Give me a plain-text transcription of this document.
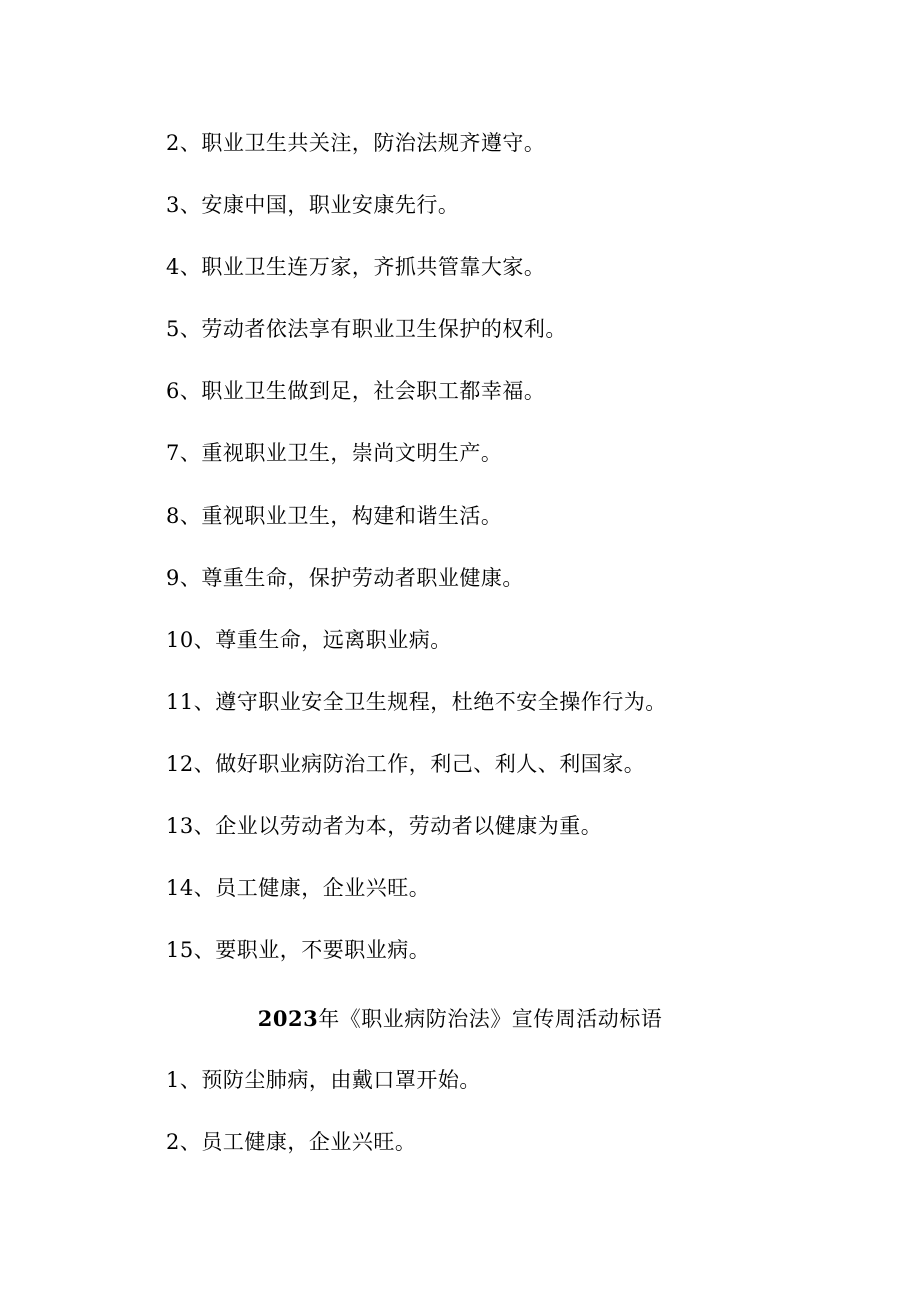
2、职业卫生共关注，防治法规齐遵守。
3、安康中国，职业安康先行。
4、职业卫生连万家，齐抓共管靠大家。
5、劳动者依法享有职业卫生保护的权利。
6、职业卫生做到足，社会职工都幸福。
7、重视职业卫生，崇尚文明生产。
8、重视职业卫生，构建和谐生活。
9、尊重生命，保护劳动者职业健康。
10、尊重生命，远离职业病。
11、遵守职业安全卫生规程，杜绝不安全操作行为。
12、做好职业病防治工作，利己、利人、利国家。
13、企业以劳动者为本，劳动者以健康为重。
14、员工健康，企业兴旺。
15、要职业，不要职业病。
2023年《职业病防治法》宣传周活动标语
1、预防尘肺病，由戴口罩开始。
2、员工健康，企业兴旺。
